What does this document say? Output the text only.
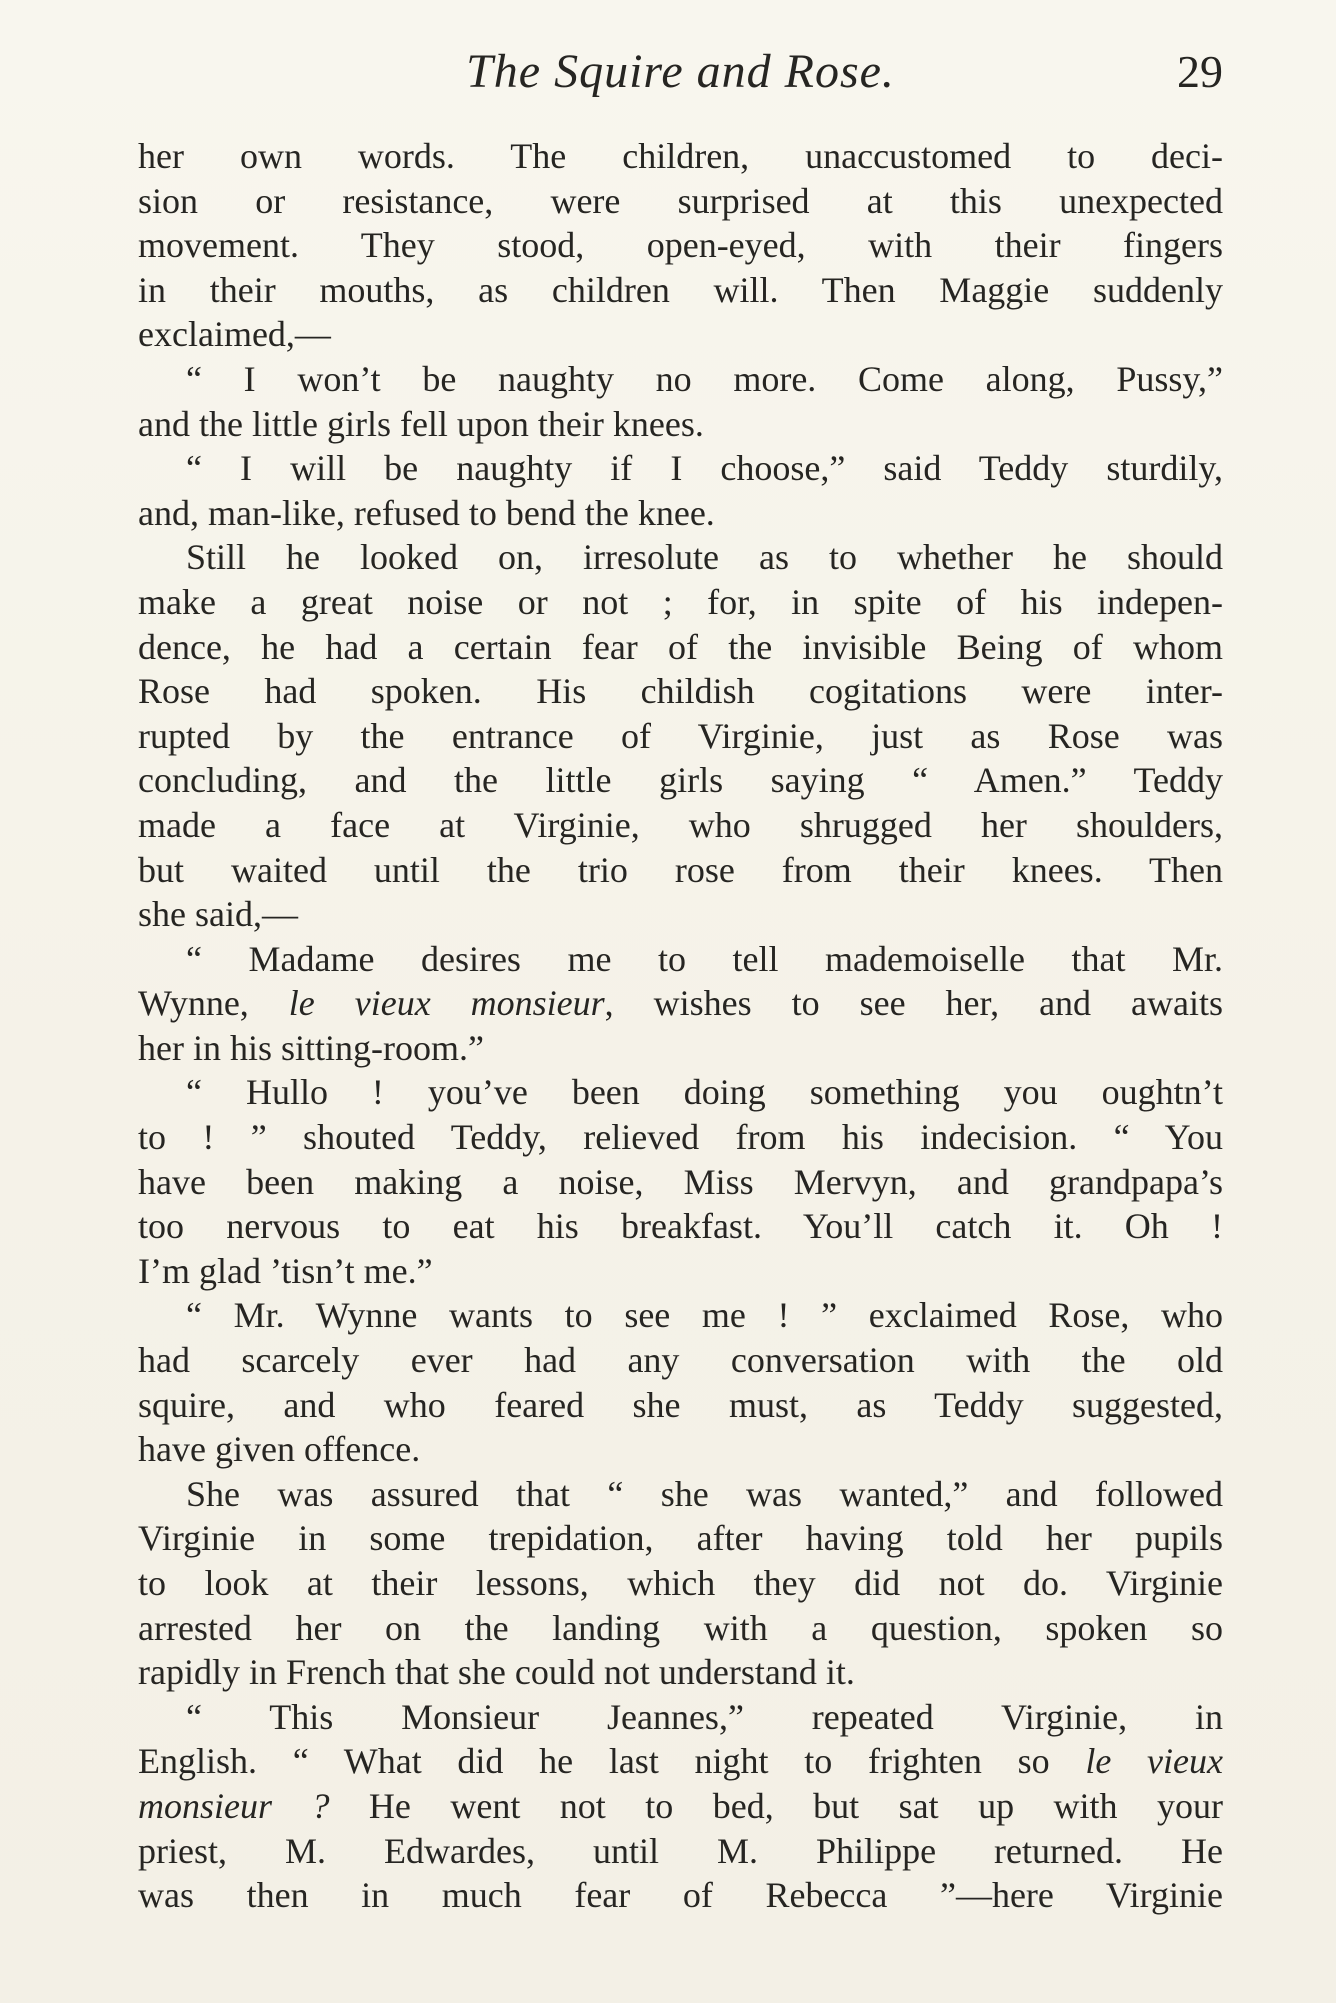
The Squire and Rose.	29
her own words. The children, unaccustomed to deci-
sion or resistance, were surprised at this unexpected
movement. They stood, open-eyed, with their fingers
in their mouths, as children will. Then Maggie suddenly
exclaimed,—
“ I won’t be naughty no more. Come along, Pussy,”
and the little girls fell upon their knees.
“ I will be naughty if I choose,” said Teddy sturdily,
and, man-like, refused to bend the knee.
Still he looked on, irresolute as to whether he should
make a great noise or not ; for, in spite of his indepen-
dence, he had a certain fear of the invisible Being of whom
Rose had spoken. His childish cogitations were inter-
rupted by the entrance of Virginie, just as Rose was
concluding, and the little girls saying “ Amen.” Teddy
made a face at Virginie, who shrugged her shoulders,
but waited until the trio rose from their knees. Then
she said,—
“ Madame desires me to tell mademoiselle that Mr.
Wynne, le vieux monsieur, wishes to see her, and awaits
her in his sitting-room.”
“ Hullo ! you’ve been doing something you oughtn’t
to ! ” shouted Teddy, relieved from his indecision. “ You
have been making a noise, Miss Mervyn, and grandpapa’s
too nervous to eat his breakfast. You’ll catch it. Oh !
I’m glad ’tisn’t me.”
“ Mr. Wynne wants to see me ! ” exclaimed Rose, who
had scarcely ever had any conversation with the old
squire, and who feared she must, as Teddy suggested,
have given offence.
She was assured that “ she was wanted,” and followed
Virginie in some trepidation, after having told her pupils
to look at their lessons, which they did not do. Virginie
arrested her on the landing with a question, spoken so
rapidly in French that she could not understand it.
“ This Monsieur Jeannes,” repeated Virginie, in
English. “ What did he last night to frighten so le vieux
monsieur ? He went not to bed, but sat up with your
priest, M. Edwardes, until M. Philippe returned. He
was then in much fear of Rebecca ”—here Virginie
